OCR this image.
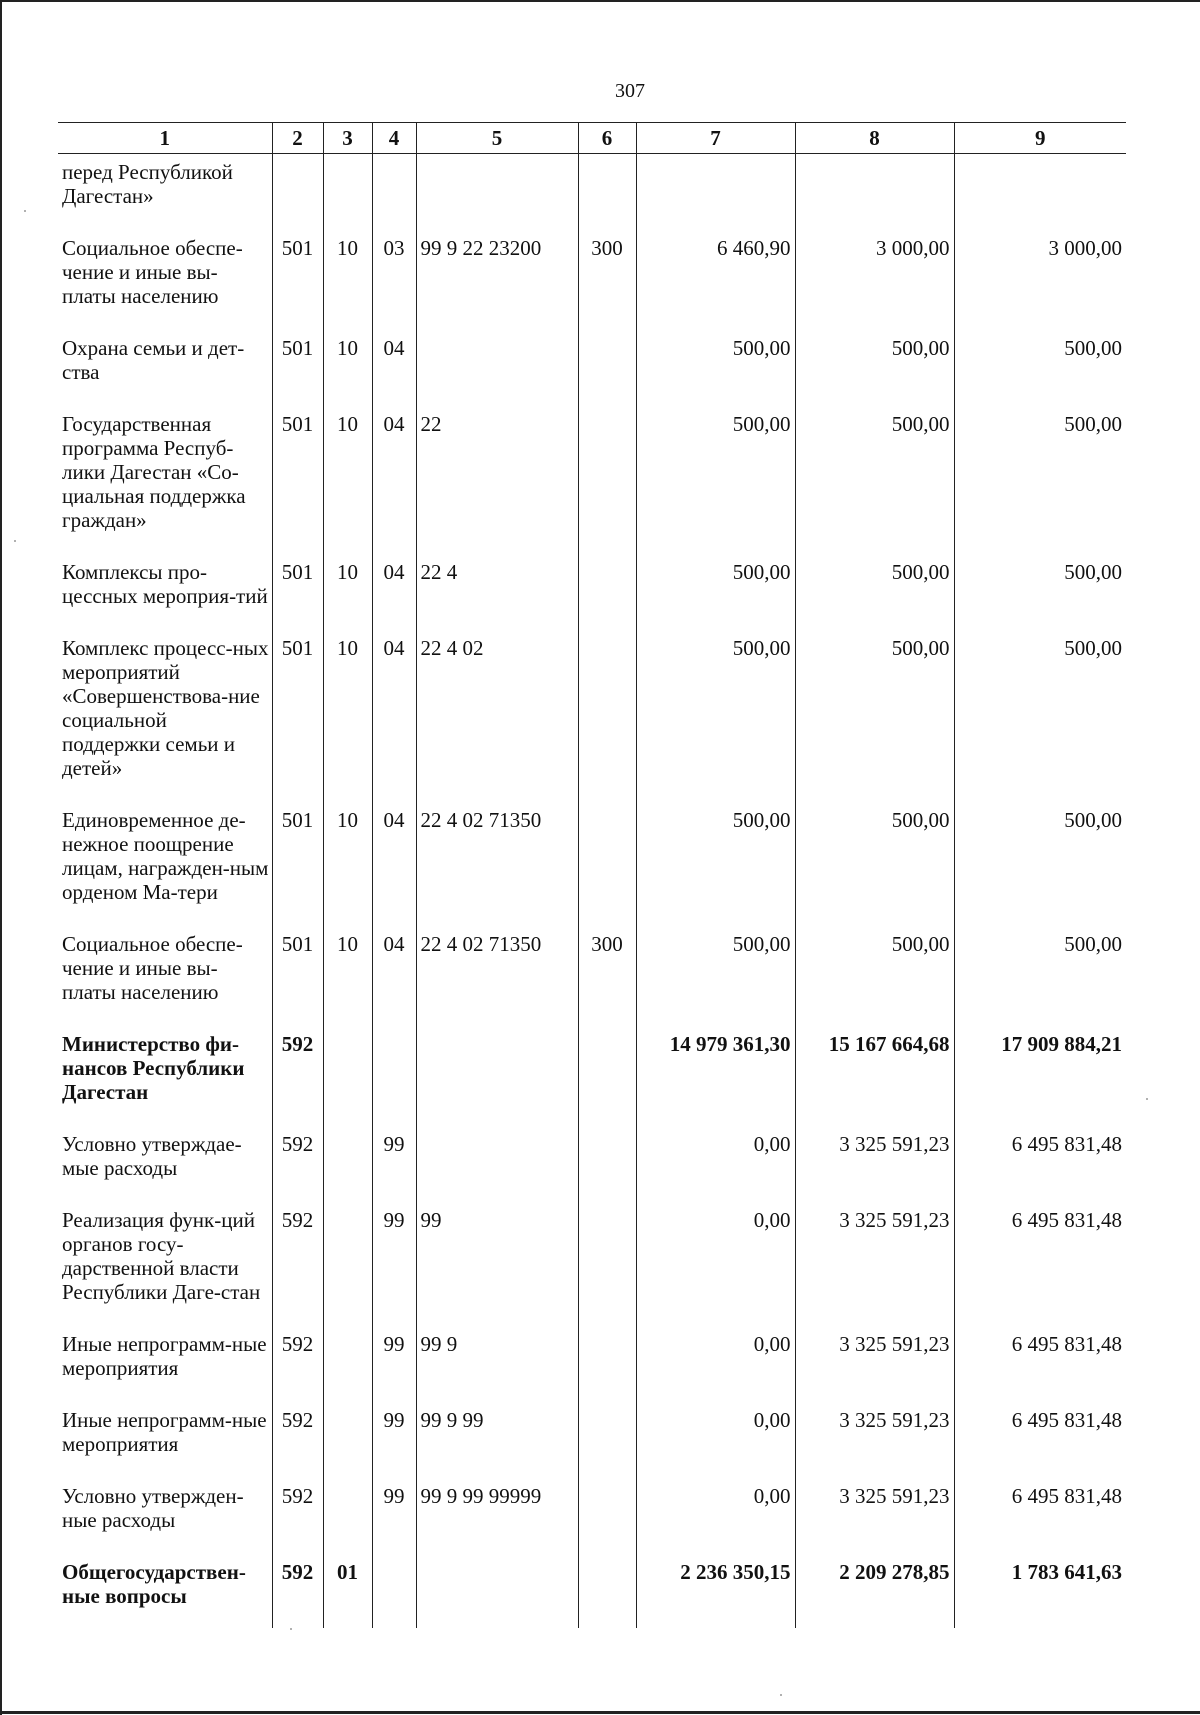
307
1	2	3	4	5	6	7	8	9
перед Республикой Дагестан»								
Социальное обеспе-чение и иные вы-платы населению	501	10	03	99 9 22 23200	300	6 460,90	3 000,00	3 000,00
Охрана семьи и дет-ства	501	10	04			500,00	500,00	500,00
Государственная программа Респуб-лики Дагестан «Со-циальная поддержка граждан»	501	10	04	22		500,00	500,00	500,00
Комплексы про-цессных мероприя-тий	501	10	04	22 4		500,00	500,00	500,00
Комплекс процесс-ных мероприятий «Совершенствова-ние социальной поддержки семьи и детей»	501	10	04	22 4 02		500,00	500,00	500,00
Единовременное де-нежное поощрение лицам, награжден-ным орденом Ма-тери	501	10	04	22 4 02 71350		500,00	500,00	500,00
Социальное обеспе-чение и иные вы-платы населению	501	10	04	22 4 02 71350	300	500,00	500,00	500,00
Министерство фи-нансов Республики Дагестан	592					14 979 361,30	15 167 664,68	17 909 884,21
Условно утверждае-мые расходы	592		99			0,00	3 325 591,23	6 495 831,48
Реализация функ-ций органов госу-дарственной власти Республики Даге-стан	592		99	99		0,00	3 325 591,23	6 495 831,48
Иные непрограмм-ные мероприятия	592		99	99 9		0,00	3 325 591,23	6 495 831,48
Иные непрограмм-ные мероприятия	592		99	99 9 99		0,00	3 325 591,23	6 495 831,48
Условно утвержден-ные расходы	592		99	99 9 99 99999		0,00	3 325 591,23	6 495 831,48
Общегосударствен-ные вопросы	592	01				2 236 350,15	2 209 278,85	1 783 641,63
